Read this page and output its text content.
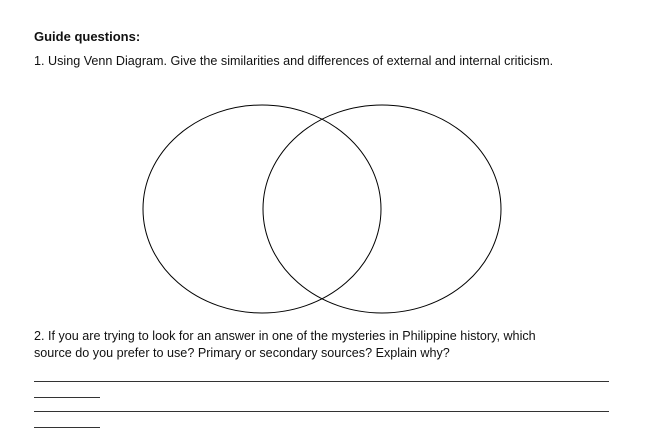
Guide questions:
1. Using Venn Diagram. Give the similarities and differences of external and internal criticism.
2. If you are trying to look for an answer in one of the mysteries in Philippine history, which
source do you prefer to use? Primary or secondary sources? Explain why?
